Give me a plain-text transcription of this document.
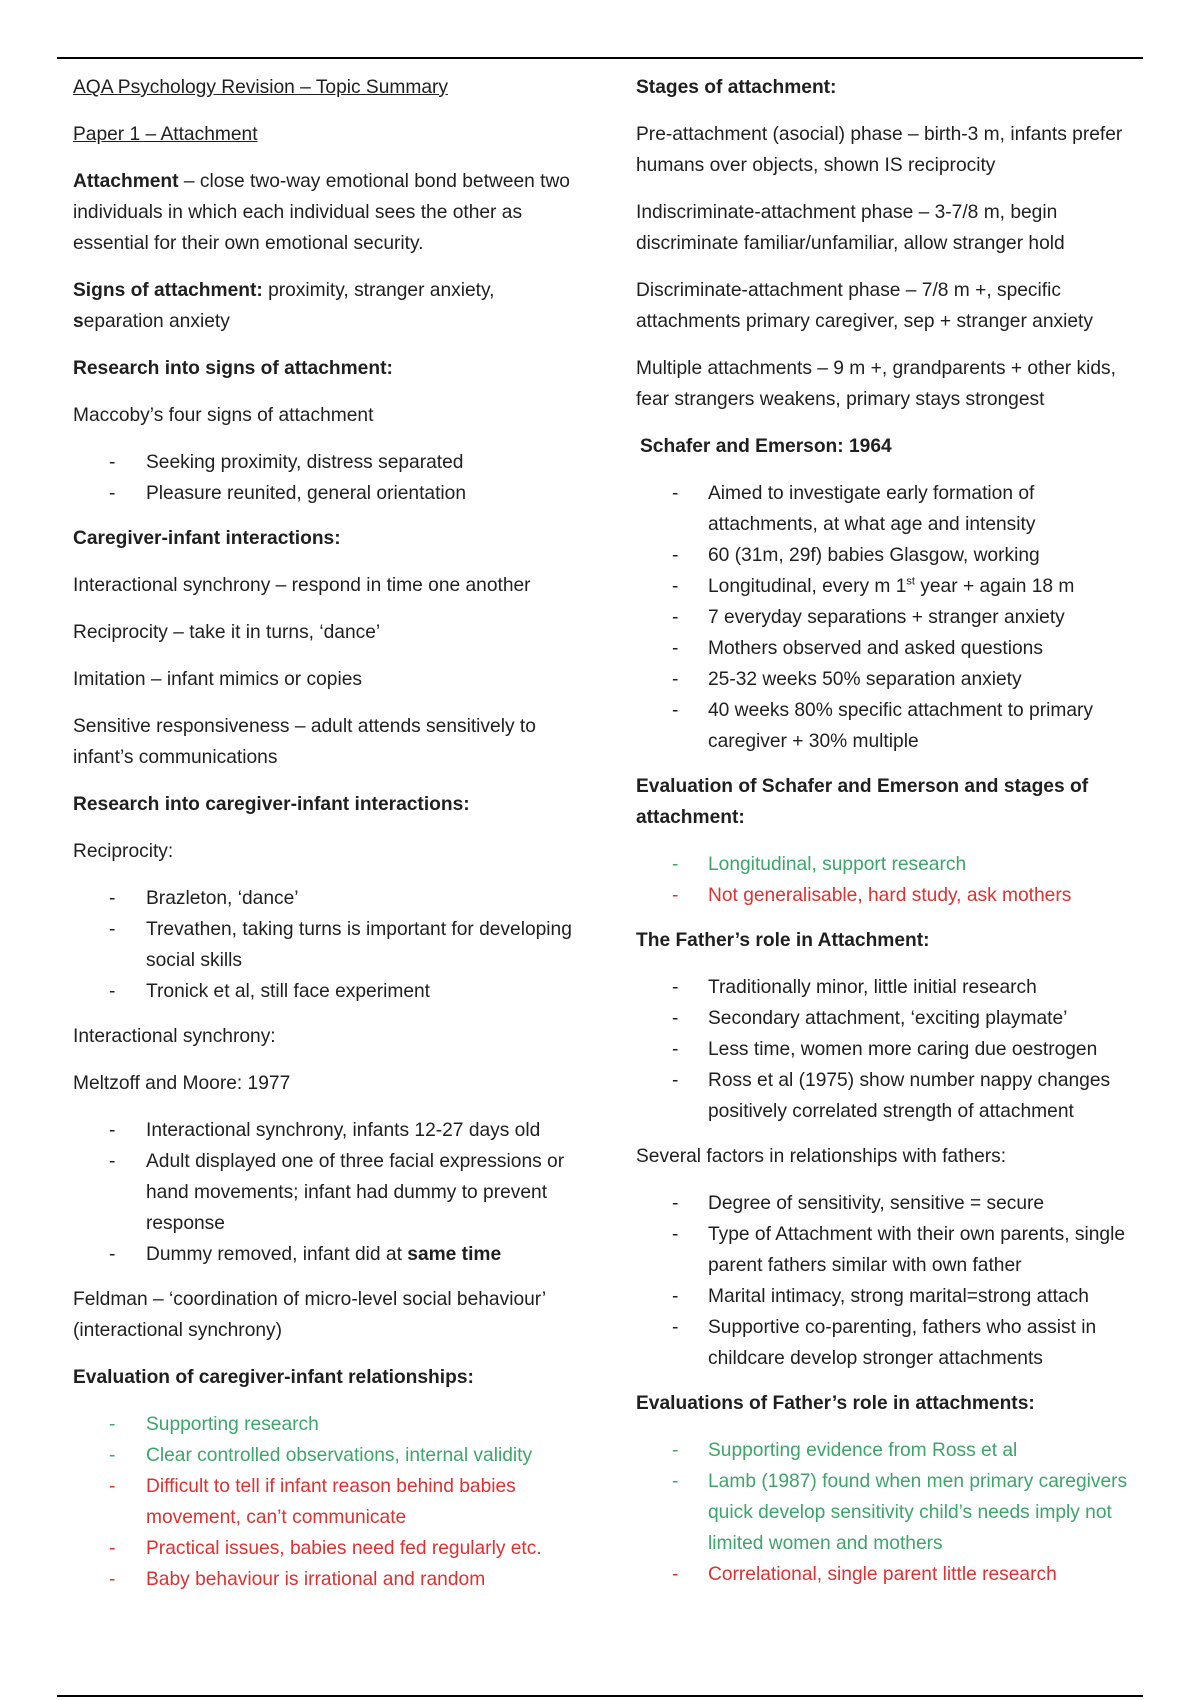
AQA Psychology Revision – Topic Summary

Paper 1 – Attachment

Attachment – close two-way emotional bond between two individuals in which each individual sees the other as essential for their own emotional security.

Signs of attachment: proximity, stranger anxiety, separation anxiety

Research into signs of attachment:

Maccoby’s four signs of attachment

- Seeking proximity, distress separated
- Pleasure reunited, general orientation

Caregiver-infant interactions:

Interactional synchrony – respond in time one another

Reciprocity – take it in turns, ‘dance’

Imitation – infant mimics or copies

Sensitive responsiveness – adult attends sensitively to infant’s communications

Research into caregiver-infant interactions:

Reciprocity:

- Brazleton, ‘dance’
- Trevathen, taking turns is important for developing social skills
- Tronick et al, still face experiment

Interactional synchrony:

Meltzoff and Moore: 1977

- Interactional synchrony, infants 12-27 days old
- Adult displayed one of three facial expressions or hand movements; infant had dummy to prevent response
- Dummy removed, infant did at same time

Feldman – ‘coordination of micro-level social behaviour’ (interactional synchrony)

Evaluation of caregiver-infant relationships:

- Supporting research
- Clear controlled observations, internal validity
- Difficult to tell if infant reason behind babies movement, can’t communicate
- Practical issues, babies need fed regularly etc.
- Baby behaviour is irrational and random

Stages of attachment:

Pre-attachment (asocial) phase – birth-3 m, infants prefer humans over objects, shown IS reciprocity

Indiscriminate-attachment phase – 3-7/8 m, begin discriminate familiar/unfamiliar, allow stranger hold

Discriminate-attachment phase – 7/8 m +, specific attachments primary caregiver, sep + stranger anxiety

Multiple attachments – 9 m +, grandparents + other kids, fear strangers weakens, primary stays strongest

Schafer and Emerson: 1964

- Aimed to investigate early formation of attachments, at what age and intensity
- 60 (31m, 29f) babies Glasgow, working
- Longitudinal, every m 1st year + again 18 m
- 7 everyday separations + stranger anxiety
- Mothers observed and asked questions
- 25-32 weeks 50% separation anxiety
- 40 weeks 80% specific attachment to primary caregiver + 30% multiple

Evaluation of Schafer and Emerson and stages of attachment:

- Longitudinal, support research
- Not generalisable, hard study, ask mothers

The Father’s role in Attachment:

- Traditionally minor, little initial research
- Secondary attachment, ‘exciting playmate’
- Less time, women more caring due oestrogen
- Ross et al (1975) show number nappy changes positively correlated strength of attachment

Several factors in relationships with fathers:

- Degree of sensitivity, sensitive = secure
- Type of Attachment with their own parents, single parent fathers similar with own father
- Marital intimacy, strong marital=strong attach
- Supportive co-parenting, fathers who assist in childcare develop stronger attachments

Evaluations of Father’s role in attachments:

- Supporting evidence from Ross et al
- Lamb (1987) found when men primary caregivers quick develop sensitivity child’s needs imply not limited women and mothers
- Correlational, single parent little research
